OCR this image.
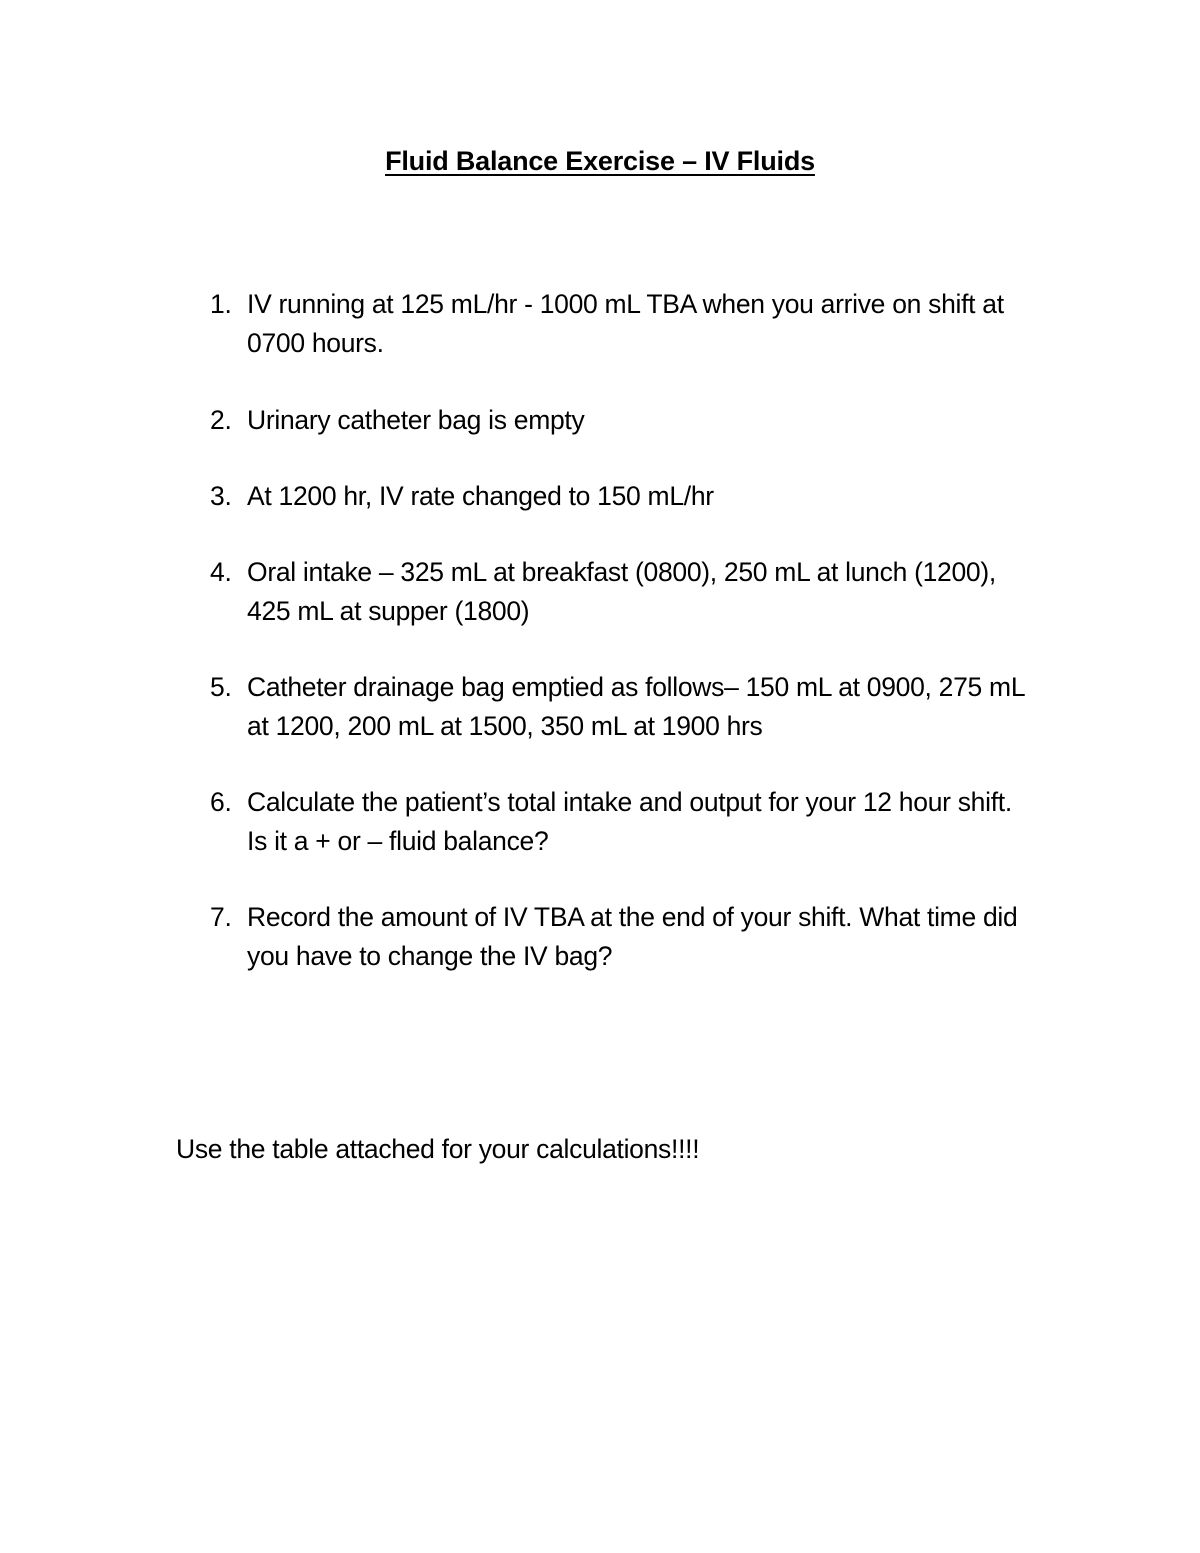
Fluid Balance Exercise – IV Fluids
1. IV running at 125 mL/hr - 1000 mL TBA when you arrive on shift at 0700 hours.
2. Urinary catheter bag is empty
3. At 1200 hr, IV rate changed to 150 mL/hr
4. Oral intake – 325 mL at breakfast (0800), 250 mL at lunch (1200), 425 mL at supper (1800)
5. Catheter drainage bag emptied as follows– 150 mL at 0900, 275 mL at 1200, 200 mL at 1500, 350 mL at 1900 hrs
6. Calculate the patient’s total intake and output for your 12 hour shift. Is it a + or – fluid balance?
7. Record the amount of IV TBA at the end of your shift. What time did you have to change the IV bag?
Use the table attached for your calculations!!!!
